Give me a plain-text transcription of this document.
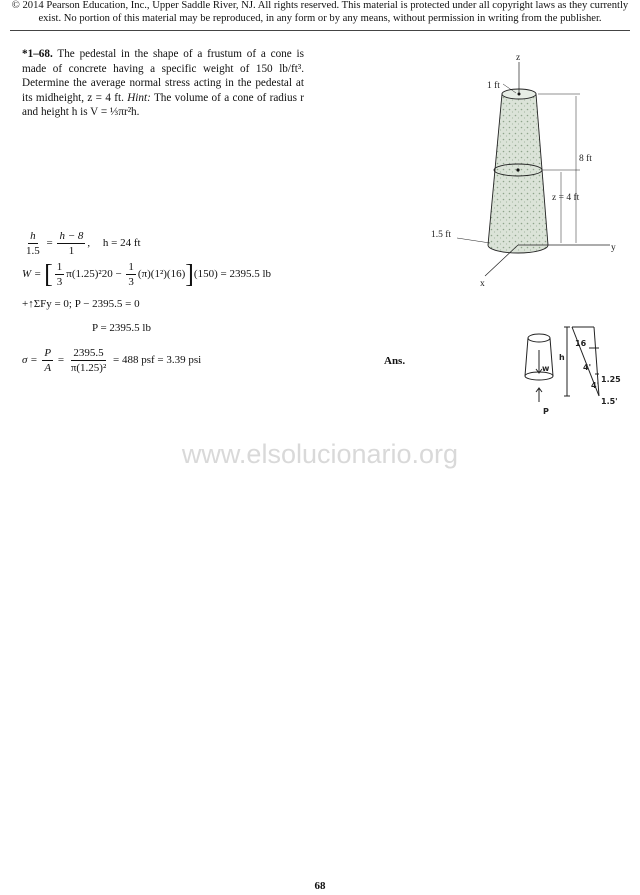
© 2014 Pearson Education, Inc., Upper Saddle River, NJ. All rights reserved. This material is protected under all copyright laws as they currently exist. No portion of this material may be reproduced, in any form or by any means, without permission in writing from the publisher.
*1–68. The pedestal in the shape of a frustum of a cone is made of concrete having a specific weight of 150 lb/ft³. Determine the average normal stress acting in the pedestal at its midheight, z = 4 ft. Hint: The volume of a cone of radius r and height h is V = ⅓πr²h.
z
1 ft
8 ft
z = 4 ft
1.5 ft
y
x
w
P
16
h
4'
4'
1.25
1.5'
$\frac{h}{1.5} = \frac{h - 8}{1}$ , h = 24 ft
W = [ $\frac{1}{3} \pi(1.25)^220 - \frac{1}{3} (\pi)(1^2)(16)](150) = 2395.5$ lb
+↑ΣFy = 0; P − 2395.5 = 0
P = 2395.5 lb
$\sigma = \frac{P}{A} = \frac{2395.5}{\text{π(1.25)²}} = 488$ psf = 3.39 psi	Ans.
www.elsolucionario.org
68
